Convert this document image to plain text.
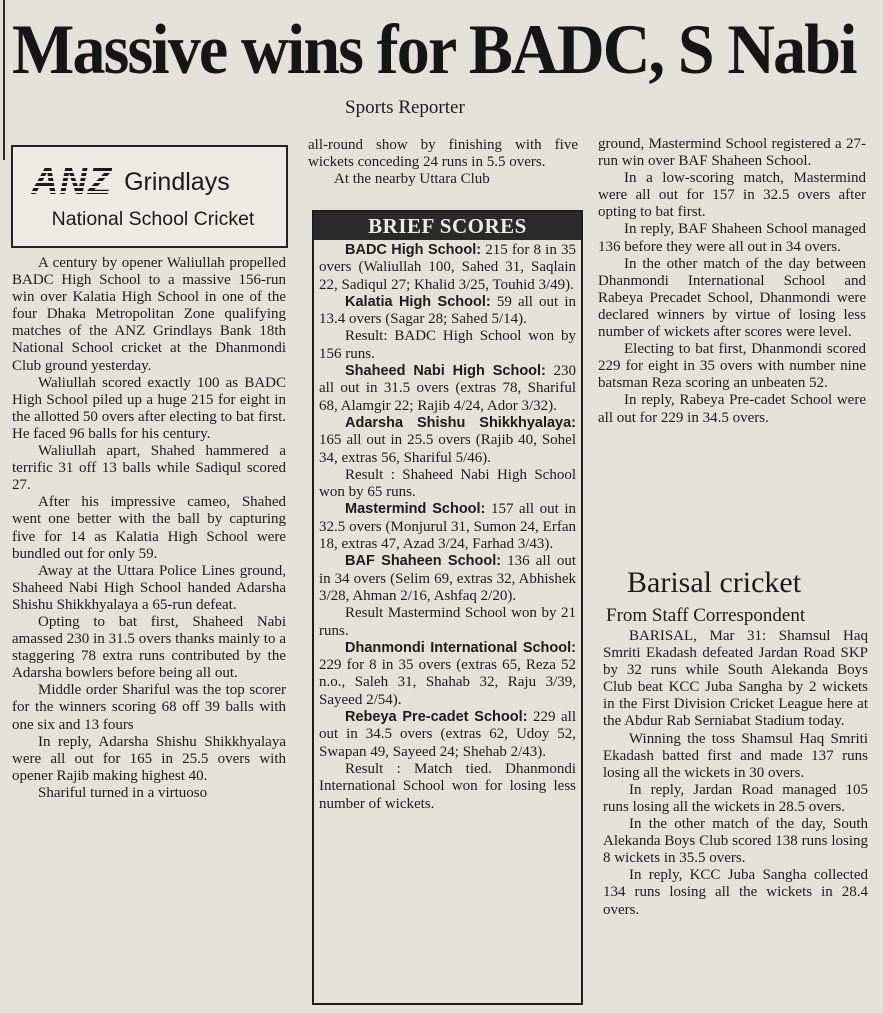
Massive wins for BADC, S Nabi
Sports Reporter
ANZ Grindlays
National School Cricket

A century by opener Waliullah propelled BADC High School to a massive 156-run win over Kalatia High School in one of the four Dhaka Metropolitan Zone qualifying matches of the ANZ Grindlays Bank 18th National School cricket at the Dhanmondi Club ground yesterday.

Waliullah scored exactly 100 as BADC High School piled up a huge 215 for eight in the allotted 50 overs after electing to bat first. He faced 96 balls for his century.

Waliullah apart, Shahed hammered a terrific 31 off 13 balls while Sadiqul scored 27.

After his impressive cameo, Shahed went one better with the ball by capturing five for 14 as Kalatia High School were bundled out for only 59.

Away at the Uttara Police Lines ground, Shaheed Nabi High School handed Adarsha Shishu Shikkhyalaya a 65-run defeat.

Opting to bat first, Shaheed Nabi amassed 230 in 31.5 overs thanks mainly to a staggering 78 extra runs contributed by the Adarsha bowlers before being all out.

Middle order Shariful was the top scorer for the winners scoring 68 off 39 balls with one six and 13 fours

In reply, Adarsha Shishu Shikkhyalaya were all out for 165 in 25.5 overs with opener Rajib making highest 40.

Shariful turned in a virtuoso

all-round show by finishing with five wickets conceding 24 runs in 5.5 overs.

At the nearby Uttara Club

BRIEF SCORES

BADC High School: 215 for 8 in 35 overs (Waliullah 100, Sahed 31, Saqlain 22, Sadiqul 27; Khalid 3/25, Touhid 3/49).

Kalatia High School: 59 all out in 13.4 overs (Sagar 28; Sahed 5/14).

Result: BADC High School won by 156 runs.

Shaheed Nabi High School: 230 all out in 31.5 overs (extras 78, Shariful 68, Alamgir 22; Rajib 4/24, Ador 3/32).

Adarsha Shishu Shikkhyalaya: 165 all out in 25.5 overs (Rajib 40, Sohel 34, extras 56, Shariful 5/46).

Result : Shaheed Nabi High School won by 65 runs.

Mastermind School: 157 all out in 32.5 overs (Monjurul 31, Sumon 24, Erfan 18, extras 47, Azad 3/24, Farhad 3/43).

BAF Shaheen School: 136 all out in 34 overs (Selim 69, extras 32, Abhishek 3/28, Ahman 2/16, Ashfaq 2/20).

Result Mastermind School won by 21 runs.

Dhanmondi International School: 229 for 8 in 35 overs (extras 65, Reza 52 n.o., Saleh 31, Shahab 32, Raju 3/39, Sayeed 2/54).

Rebeya Pre-cadet School: 229 all out in 34.5 overs (extras 62, Udoy 52, Swapan 49, Sayeed 24; Shehab 2/43).

Result : Match tied. Dhanmondi International School won for losing less number of wickets.

ground, Mastermind School registered a 27-run win over BAF Shaheen School.

In a low-scoring match, Mastermind were all out for 157 in 32.5 overs after opting to bat first.

In reply, BAF Shaheen School managed 136 before they were all out in 34 overs.

In the other match of the day between Dhanmondi International School and Rabeya Precadet School, Dhanmondi were declared winners by virtue of losing less number of wickets after scores were level.

Electing to bat first, Dhanmondi scored 229 for eight in 35 overs with number nine batsman Reza scoring an unbeaten 52.

In reply, Rabeya Pre-cadet School were all out for 229 in 34.5 overs.

Barisal cricket
From Staff Correspondent

BARISAL, Mar 31: Shamsul Haq Smriti Ekadash defeated Jardan Road SKP by 32 runs while South Alekanda Boys Club beat KCC Juba Sangha by 2 wickets in the First Division Cricket League here at the Abdur Rab Serniabat Stadium today.

Winning the toss Shamsul Haq Smriti Ekadash batted first and made 137 runs losing all the wickets in 30 overs.

In reply, Jardan Road managed 105 runs losing all the wickets in 28.5 overs.

In the other match of the day, South Alekanda Boys Club scored 138 runs losing 8 wickets in 35.5 overs.

In reply, KCC Juba Sangha collected 134 runs losing all the wickets in 28.4 overs.
